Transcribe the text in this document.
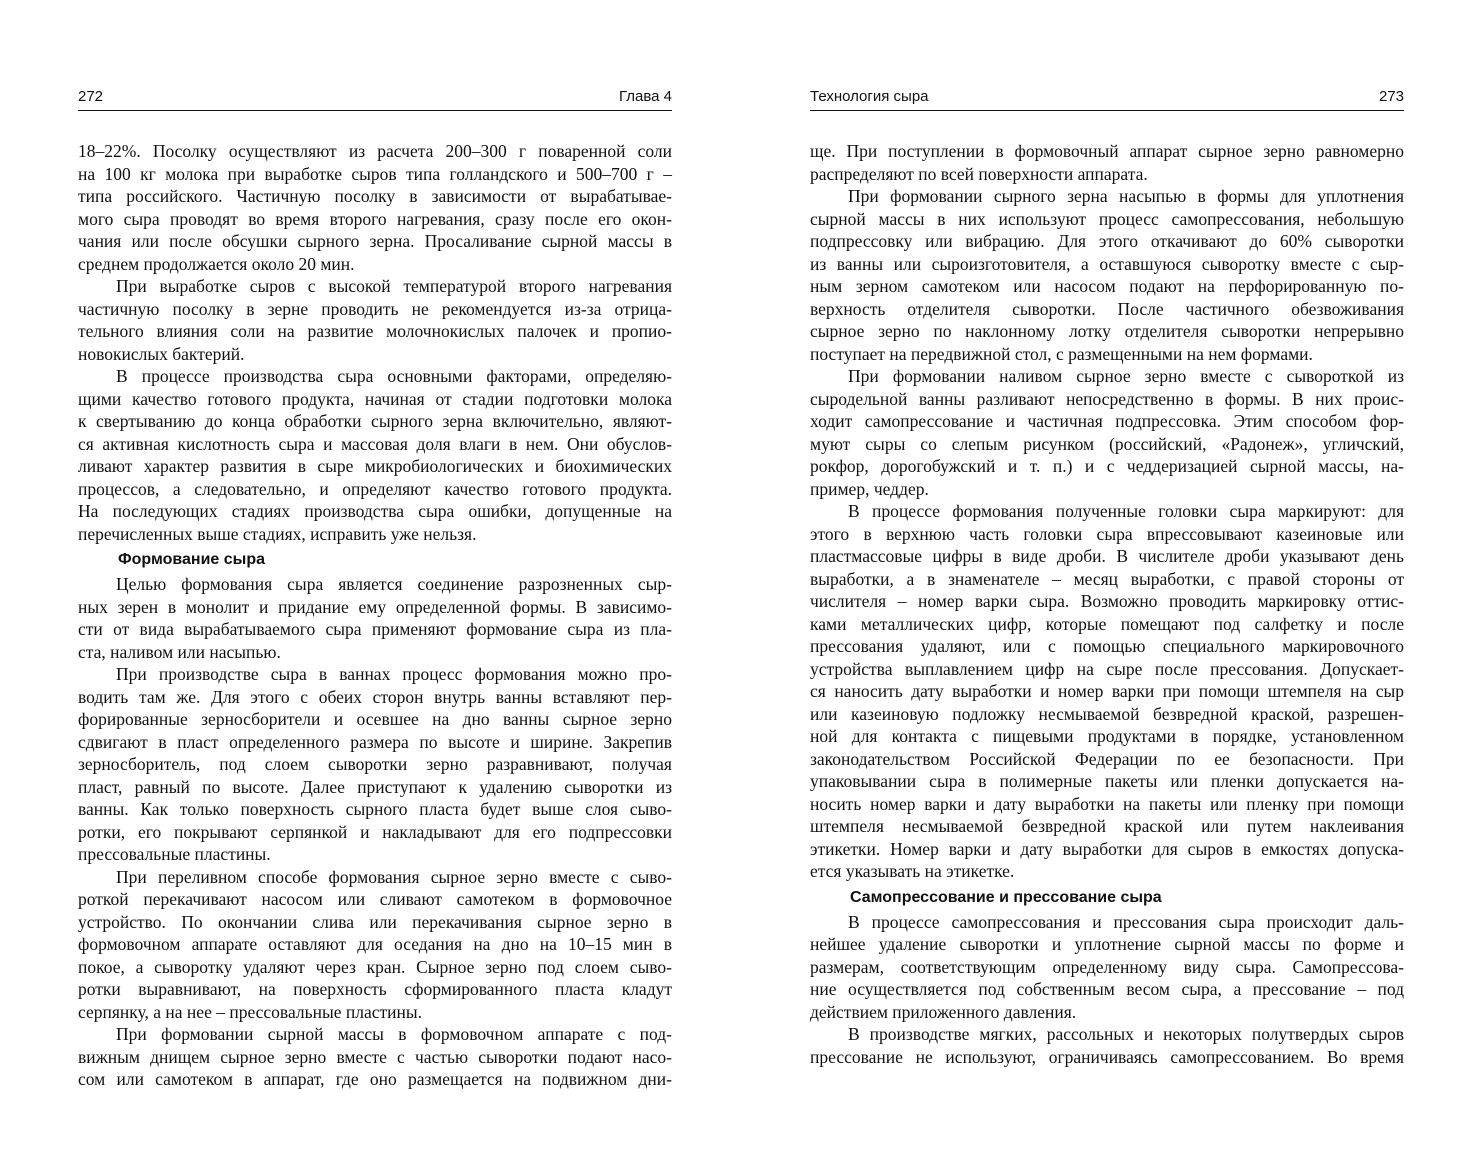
272	Глава 4
18–22%. Посолку осуществляют из расчета 200–300 г поваренной соли
на 100 кг молока при выработке сыров типа голландского и 500–700 г –
типа российского. Частичную посолку в зависимости от вырабатывае-
мого сыра проводят во время второго нагревания, сразу после его окон-
чания или после обсушки сырного зерна. Просаливание сырной массы в
среднем продолжается около 20 мин.
При выработке сыров с высокой температурой второго нагревания
частичную посолку в зерне проводить не рекомендуется из-за отрица-
тельного влияния соли на развитие молочнокислых палочек и пропио-
новокислых бактерий.
В процессе производства сыра основными факторами, определяю-
щими качество готового продукта, начиная от стадии подготовки молока
к свертыванию до конца обработки сырного зерна включительно, являют-
ся активная кислотность сыра и массовая доля влаги в нем. Они обуслов-
ливают характер развития в сыре микробиологических и биохимических
процессов, а следовательно, и определяют качество готового продукта.
На последующих стадиях производства сыра ошибки, допущенные на
перечисленных выше стадиях, исправить уже нельзя.
Формование сыра
Целью формования сыра является соединение разрозненных сыр-
ных зерен в монолит и придание ему определенной формы. В зависимо-
сти от вида вырабатываемого сыра применяют формование сыра из пла-
ста, наливом или насыпью.
При производстве сыра в ваннах процесс формования можно про-
водить там же. Для этого с обеих сторон внутрь ванны вставляют пер-
форированные зерносборители и осевшее на дно ванны сырное зерно
сдвигают в пласт определенного размера по высоте и ширине. Закрепив
зерносборитель, под слоем сыворотки зерно разравнивают, получая
пласт, равный по высоте. Далее приступают к удалению сыворотки из
ванны. Как только поверхность сырного пласта будет выше слоя сыво-
ротки, его покрывают серпянкой и накладывают для его подпрессовки
прессовальные пластины.
При переливном способе формования сырное зерно вместе с сыво-
роткой перекачивают насосом или сливают самотеком в формовочное
устройство. По окончании слива или перекачивания сырное зерно в
формовочном аппарате оставляют для оседания на дно на 10–15 мин в
покое, а сыворотку удаляют через кран. Сырное зерно под слоем сыво-
ротки выравнивают, на поверхность сформированного пласта кладут
серпянку, а на нее – прессовальные пластины.
При формовании сырной массы в формовочном аппарате с под-
вижным днищем сырное зерно вместе с частью сыворотки подают насо-
сом или самотеком в аппарат, где оно размещается на подвижном дни-
Технология сыра	273
ще. При поступлении в формовочный аппарат сырное зерно равномерно
распределяют по всей поверхности аппарата.
При формовании сырного зерна насыпью в формы для уплотнения
сырной массы в них используют процесс самопрессования, небольшую
подпрессовку или вибрацию. Для этого откачивают до 60% сыворотки
из ванны или сыроизготовителя, а оставшуюся сыворотку вместе с сыр-
ным зерном самотеком или насосом подают на перфорированную по-
верхность отделителя сыворотки. После частичного обезвоживания
сырное зерно по наклонному лотку отделителя сыворотки непрерывно
поступает на передвижной стол, с размещенными на нем формами.
При формовании наливом сырное зерно вместе с сывороткой из
сыродельной ванны разливают непосредственно в формы. В них проис-
ходит самопрессование и частичная подпрессовка. Этим способом фор-
муют сыры со слепым рисунком (российский, «Радонеж», угличский,
рокфор, дорогобужский и т. п.) и с чеддеризацией сырной массы, на-
пример, чеддер.
В процессе формования полученные головки сыра маркируют: для
этого в верхнюю часть головки сыра впрессовывают казеиновые или
пластмассовые цифры в виде дроби. В числителе дроби указывают день
выработки, а в знаменателе – месяц выработки, с правой стороны от
числителя – номер варки сыра. Возможно проводить маркировку оттис-
ками металлических цифр, которые помещают под салфетку и после
прессования удаляют, или с помощью специального маркировочного
устройства выплавлением цифр на сыре после прессования. Допускает-
ся наносить дату выработки и номер варки при помощи штемпеля на сыр
или казеиновую подложку несмываемой безвредной краской, разрешен-
ной для контакта с пищевыми продуктами в порядке, установленном
законодательством Российской Федерации по ее безопасности. При
упаковывании сыра в полимерные пакеты или пленки допускается на-
носить номер варки и дату выработки на пакеты или пленку при помощи
штемпеля несмываемой безвредной краской или путем наклеивания
этикетки. Номер варки и дату выработки для сыров в емкостях допуска-
ется указывать на этикетке.
Самопрессование и прессование сыра
В процессе самопрессования и прессования сыра происходит даль-
нейшее удаление сыворотки и уплотнение сырной массы по форме и
размерам, соответствующим определенному виду сыра. Самопрессова-
ние осуществляется под собственным весом сыра, а прессование – под
действием приложенного давления.
В производстве мягких, рассольных и некоторых полутвердых сыров
прессование не используют, ограничиваясь самопрессованием. Во время
